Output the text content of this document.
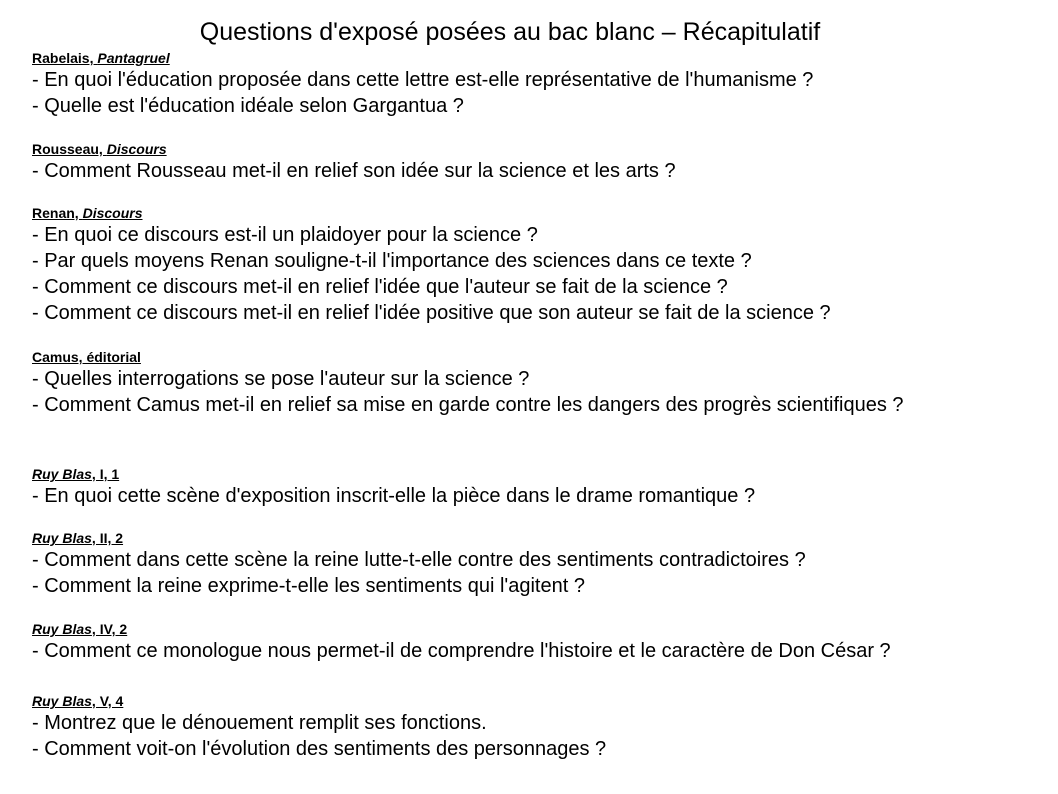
Questions d'exposé posées au bac blanc – Récapitulatif
Rabelais, Pantagruel
- En quoi l'éducation proposée dans cette lettre est-elle représentative de l'humanisme ?
- Quelle est l'éducation idéale selon Gargantua ?
Rousseau, Discours
- Comment Rousseau met-il en relief son idée sur la science et les arts ?
Renan, Discours
- En quoi ce discours est-il un plaidoyer pour la science ?
- Par quels moyens Renan souligne-t-il l'importance des sciences dans ce texte ?
- Comment ce discours met-il en relief l'idée que l'auteur se fait de la science ?
- Comment ce discours met-il en relief l'idée positive que son auteur se fait de la science ?
Camus, éditorial
- Quelles interrogations se pose l'auteur sur la science ?
- Comment Camus met-il en relief sa mise en garde contre les dangers des progrès scientifiques ?
Ruy Blas, I, 1
- En quoi cette scène d'exposition inscrit-elle la pièce dans le drame romantique ?
Ruy Blas, II, 2
- Comment dans cette scène la reine lutte-t-elle contre des sentiments contradictoires ?
- Comment la reine exprime-t-elle les sentiments qui l'agitent ?
Ruy Blas, IV, 2
- Comment ce monologue nous permet-il de comprendre l'histoire et le caractère de Don César ?
Ruy Blas, V, 4
- Montrez que le dénouement remplit ses fonctions.
- Comment voit-on l'évolution des sentiments des personnages ?
